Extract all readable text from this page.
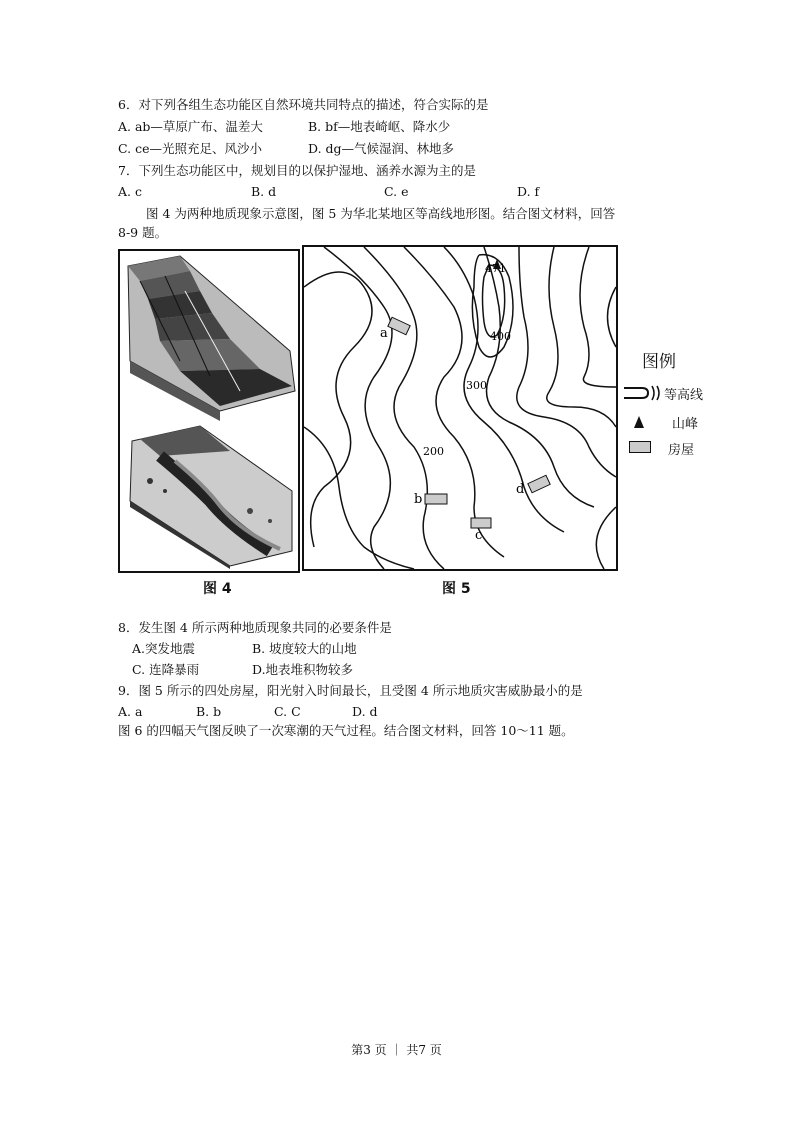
6．对下列各组生态功能区自然环境共同特点的描述，符合实际的是
A. ab—草原广布、温差大	B. bf—地表崎岖、降水少
C. ce—光照充足、风沙小	D. dg—气候湿润、林地多
7．下列生态功能区中，规划目的以保护湿地、涵养水源为主的是
A. c	B. d	C. e	D. f
图 4 为两种地质现象示意图，图 5 为华北某地区等高线地形图。结合图文材料，回答
8-9 题。
图 4
471
400
300
200
a
b
c
d
图 5
图例
等高线
山峰
房屋
8．发生图 4 所示两种地质现象共同的必要条件是
A.突发地震	B. 坡度较大的山地
C. 连降暴雨	D.地表堆积物较多
9．图 5 所示的四处房屋，阳光射入时间最长，且受图 4 所示地质灾害威胁最小的是
A. a	B. b	C. C	D. d
图 6 的四幅天气图反映了一次寒潮的天气过程。结合图文材料，回答 10～11 题。
第3 页 ｜ 共7 页
